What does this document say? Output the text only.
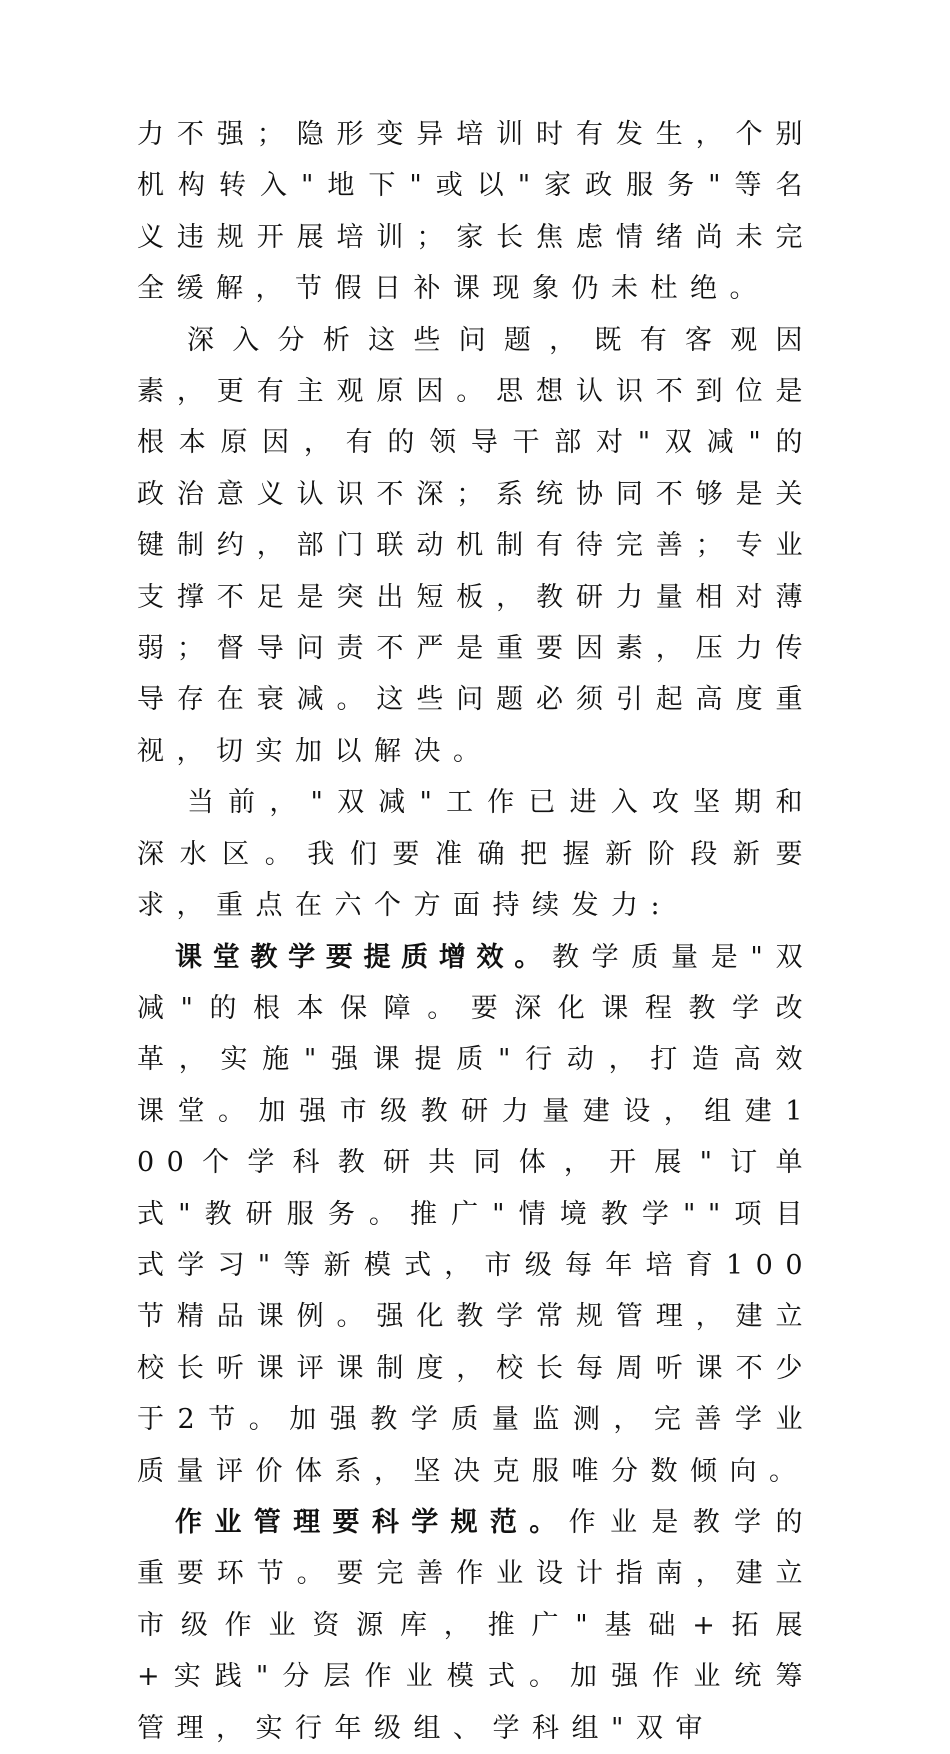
力不强；隐形变异培训时有发生，个别机构转入"地下"或以"家政服务"等名义违规开展培训；家长焦虑情绪尚未完全缓解，节假日补课现象仍未杜绝。

深入分析这些问题，既有客观因素，更有主观原因。思想认识不到位是根本原因，有的领导干部对"双减"的政治意义认识不深；系统协同不够是关键制约，部门联动机制有待完善；专业支撑不足是突出短板，教研力量相对薄弱；督导问责不严是重要因素，压力传导存在衰减。这些问题必须引起高度重视，切实加以解决。

当前，"双减"工作已进入攻坚期和深水区。我们要准确把握新阶段新要求，重点在六个方面持续发力:

课堂教学要提质增效。教学质量是"双减"的根本保障。要深化课程教学改革，实施"强课提质"行动，打造高效课堂。加强市级教研力量建设，组建100个学科教研共同体，开展"订单式"教研服务。推广"情境教学""项目式学习"等新模式，市级每年培育100节精品课例。强化教学常规管理，建立校长听课评课制度，校长每周听课不少于2节。加强教学质量监测，完善学业质量评价体系，坚决克服唯分数倾向。

作业管理要科学规范。作业是教学的重要环节。要完善作业设计指南，建立市级作业资源库，推广"基础+拓展+实践"分层作业模式。加强作业统筹管理，实行年级组、学科组"双审
